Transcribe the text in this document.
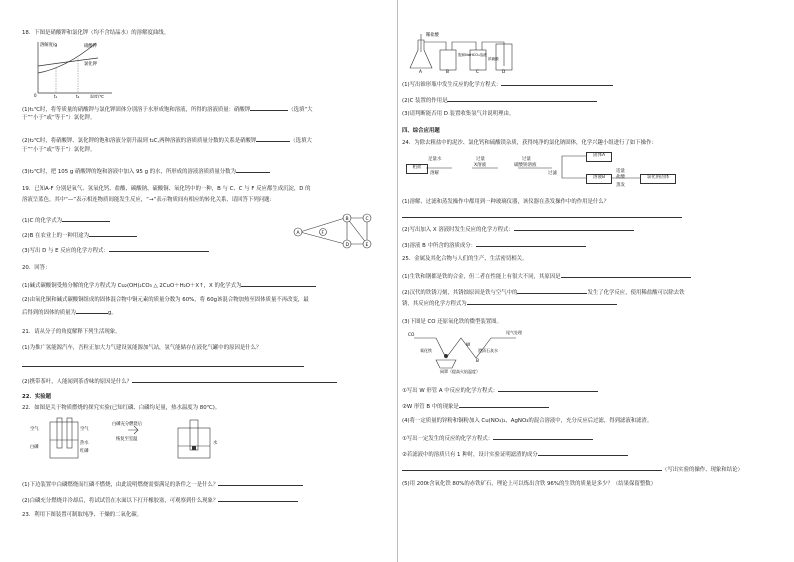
18．下图是硝酸钾和氯化钾（均不含结晶水）的溶解度曲线。
溶解度/g	硝酸钾
氯化钾
0	t₁	t₂	温度/℃
(1)t₁℃时，将等质量的硝酸钾与氯化钾固体分别溶于水形成饱和溶液，所得的溶液质量：硝酸钾	（选填“大
于”“小于”或“等于”）氯化钾。
(2)t₂℃时，将硝酸钾、氯化钾的饱和溶液分别升温到 t₂C,两种溶液的溶质质量分数的关系是硝酸钾	（选填大
于”“小于”或“等于”）氯化钾。
(3)t₂℃时，把 105 g 硝酸钾的饱和溶液中加入 95 g 的水，所形成的溶液溶质质量分数为
19．已知A-F 分别是氧气、氢氧化钙、盐酸、碳酸钠、硫酸铜、氧化钙中的一种，B 与 C、C 与 F 反应都生成沉淀，D 的
溶液呈蓝色。其中“—”表示相连物质间能发生反应，“→”表示物质间有相应的转化关系，请回答下列问题：
A
B	C
D	E
F
(1)C 的化学式为
(2)B 在农业上的一种用途为
(3)写出 D 与 E 反应的化学方程式：
20．回答：
(1)碱式碳酸铜受热分解的化学方程式为 Cu₂(OH)₂CO₃ △ 2CuO＋H₂O＋X↑，X 的化学式为
(2)由氧化铜和碱式碳酸铜组成的固体混合物中铜元素的质量分数为 60%，将 60g该混合物加热至固体质量不再改变，最
后得到的固体的质量为	g。
21．请从分子的角度解释下列生活现象。
(1)为推广氢能源汽车，吾粒正加大力气建设氢能源加气站，氢气能储存在液化气罐中的原因是什么？
(2)携带茶叶，人能闻到茶香味的原因是什么？
22．实验题
22．如图是关于物质燃烧的探究实验(已知红磷、白磷均足量，热水温度为 80℃)。
空气	空气
白磷
热水
红磷
白磷充分燃烧后
恢复至室温
水
(1)下边装置中白磷燃烧而红磷不燃烧，由此说明燃烧需要满足的条件之一是什么？
(2)白磷充分燃烧并冷却后，将试试管在水面以下打开橡胶塞，可观察到什么现象？
23．利用下图装置可制取纯净、干燥的二氧化碳。
稀盐酸
A	B	C	D
饱和NaHCO₃溶液
浓硫酸
(1)写出锥形瓶中发生反应的化学方程式：
(2)C 装置的作用是
(3)请判断能否用 D 装置收集氢气并说明理由。
四、综合应用题
24．为除去粗盐中的泥沙、氯化钙和硫酸镁杂质，获得纯净的氯化钠固体，化学兴趣小组进行了如下操作：
粗盐
足量水
溶解
过量
X溶液
过量
碳酸钠溶液
过滤
固体A
溶液B
适量
盐酸
蒸发
氯化钠固体
(1)溶解、过滤和蒸发操作中都用到一种玻璃仪器，该仪器在蒸发操作中的作用是什么？
(2)写出加入 X 溶液时发生反应的化学方程式：
(3)溶液 B 中所含的溶质成分：
25．金属及其化合物与人们的生产、生活密切相关。
(1)生铁和钢都是铁的合金，但二者在性能上有很大不同，其原因是
(2)汉代的铁锈刀刻，其锈蚀原因是铁与空气中的	发生了化学反应，使用稀盐酸可以除去铁
锈，其反应的化学方程式为
(3)下图是 CO 还原氧化铁的微型装置图。
CO
氧化铁	澄清石灰水
W
B
尾气处理
网罩（提高火焰温度）
①写出 W 形管 A 中反应的化学方程式：
②W 形管 B 中的现象是
(4)将一定质量的锌粉和铜粉加入 Cu(NO₃)₂、AgNO₃的混合溶液中，充分反应后过滤，得到滤液和滤渣。
①写出一定发生的反应的化学方程式：
②若滤液中的溶质只有 1 种时，设计实验证明滤渣的成分
（写出实验的操作、现象和结论）
(5)用 200t含氧化铁 80%的赤铁矿石，理论上可以炼出含铁 96%的生铁的质量是多少？（结果保留整数）
